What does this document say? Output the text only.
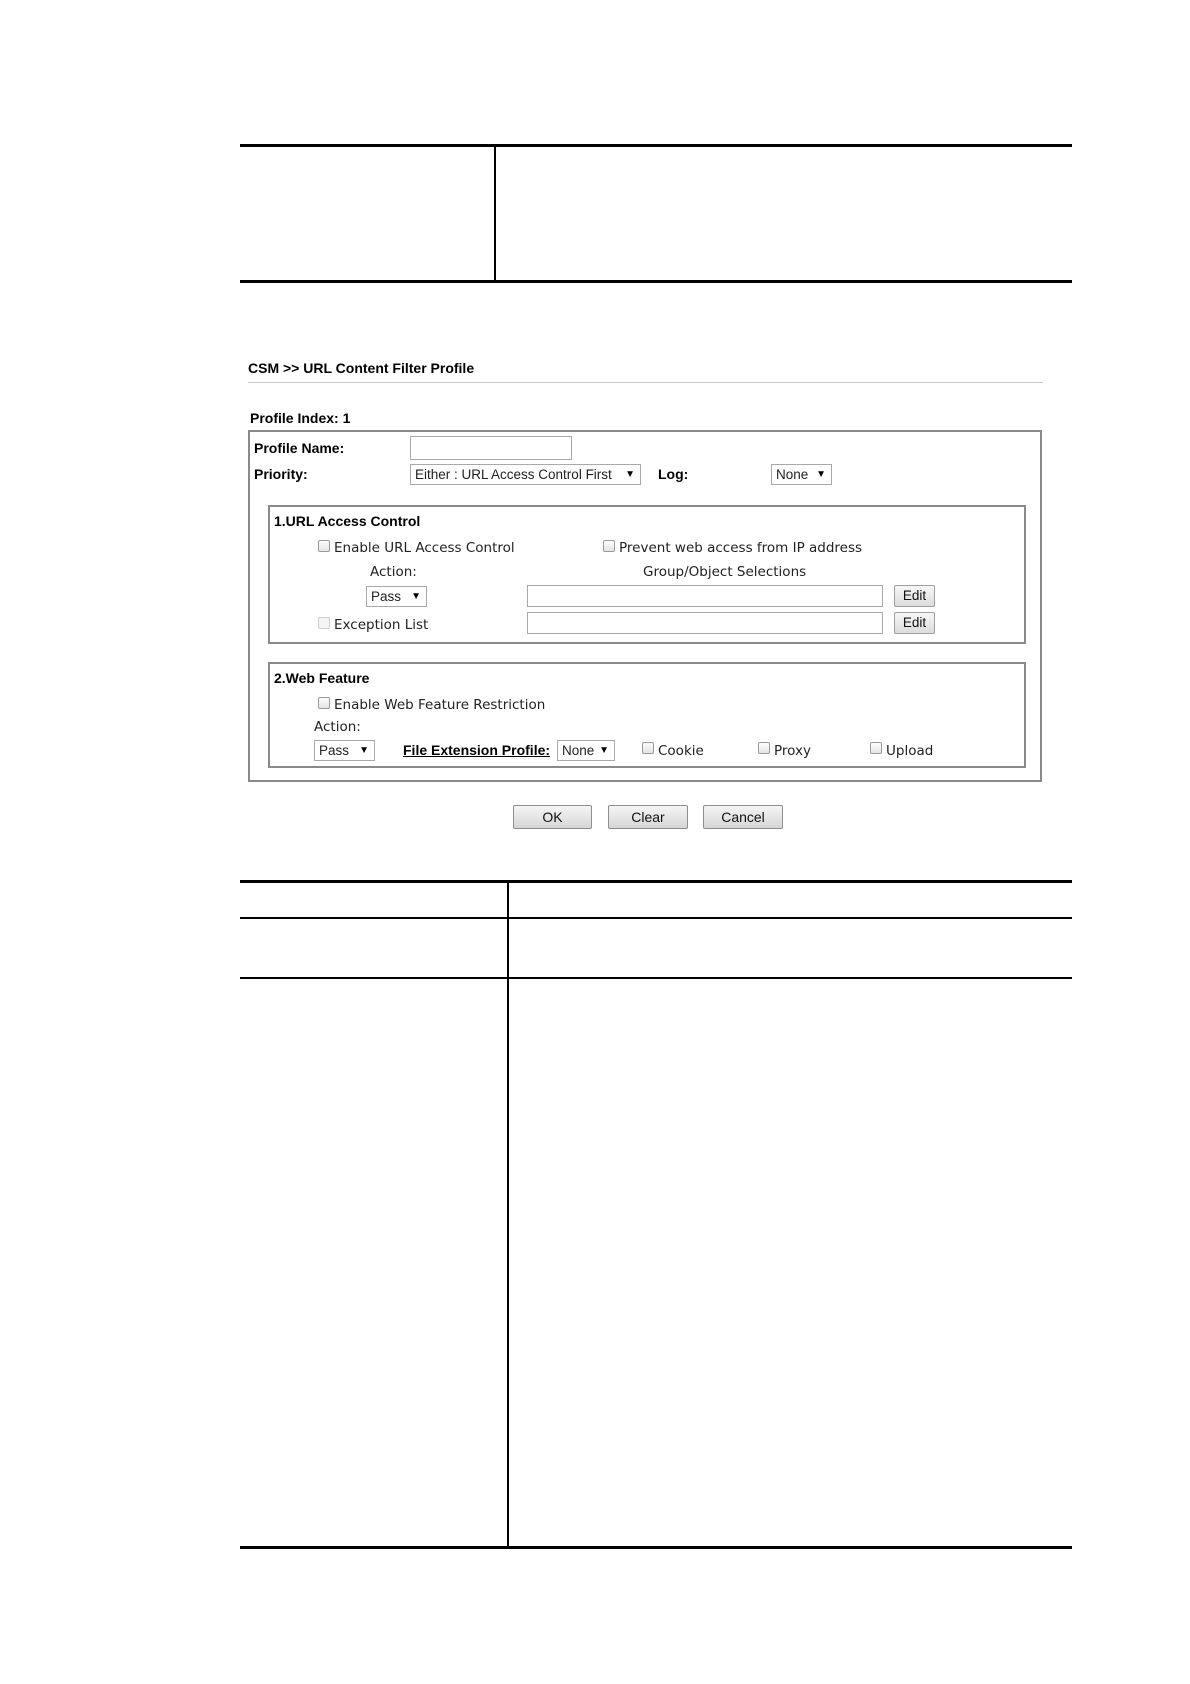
CSM >> URL Content Filter Profile
Profile Index: 1
Profile Name:
Priority:	Either : URL Access Control First ▼ Log:	None ▼
1.URL Access Control
Enable URL Access Control	Prevent web access from IP address
Action:	Group/Object Selections
Pass ▼	Edit
Exception List	Edit
2.Web Feature
Enable Web Feature Restriction
Action:
Pass ▼ File Extension Profile: None ▼	Cookie	Proxy	Upload
OK	Clear	Cancel
